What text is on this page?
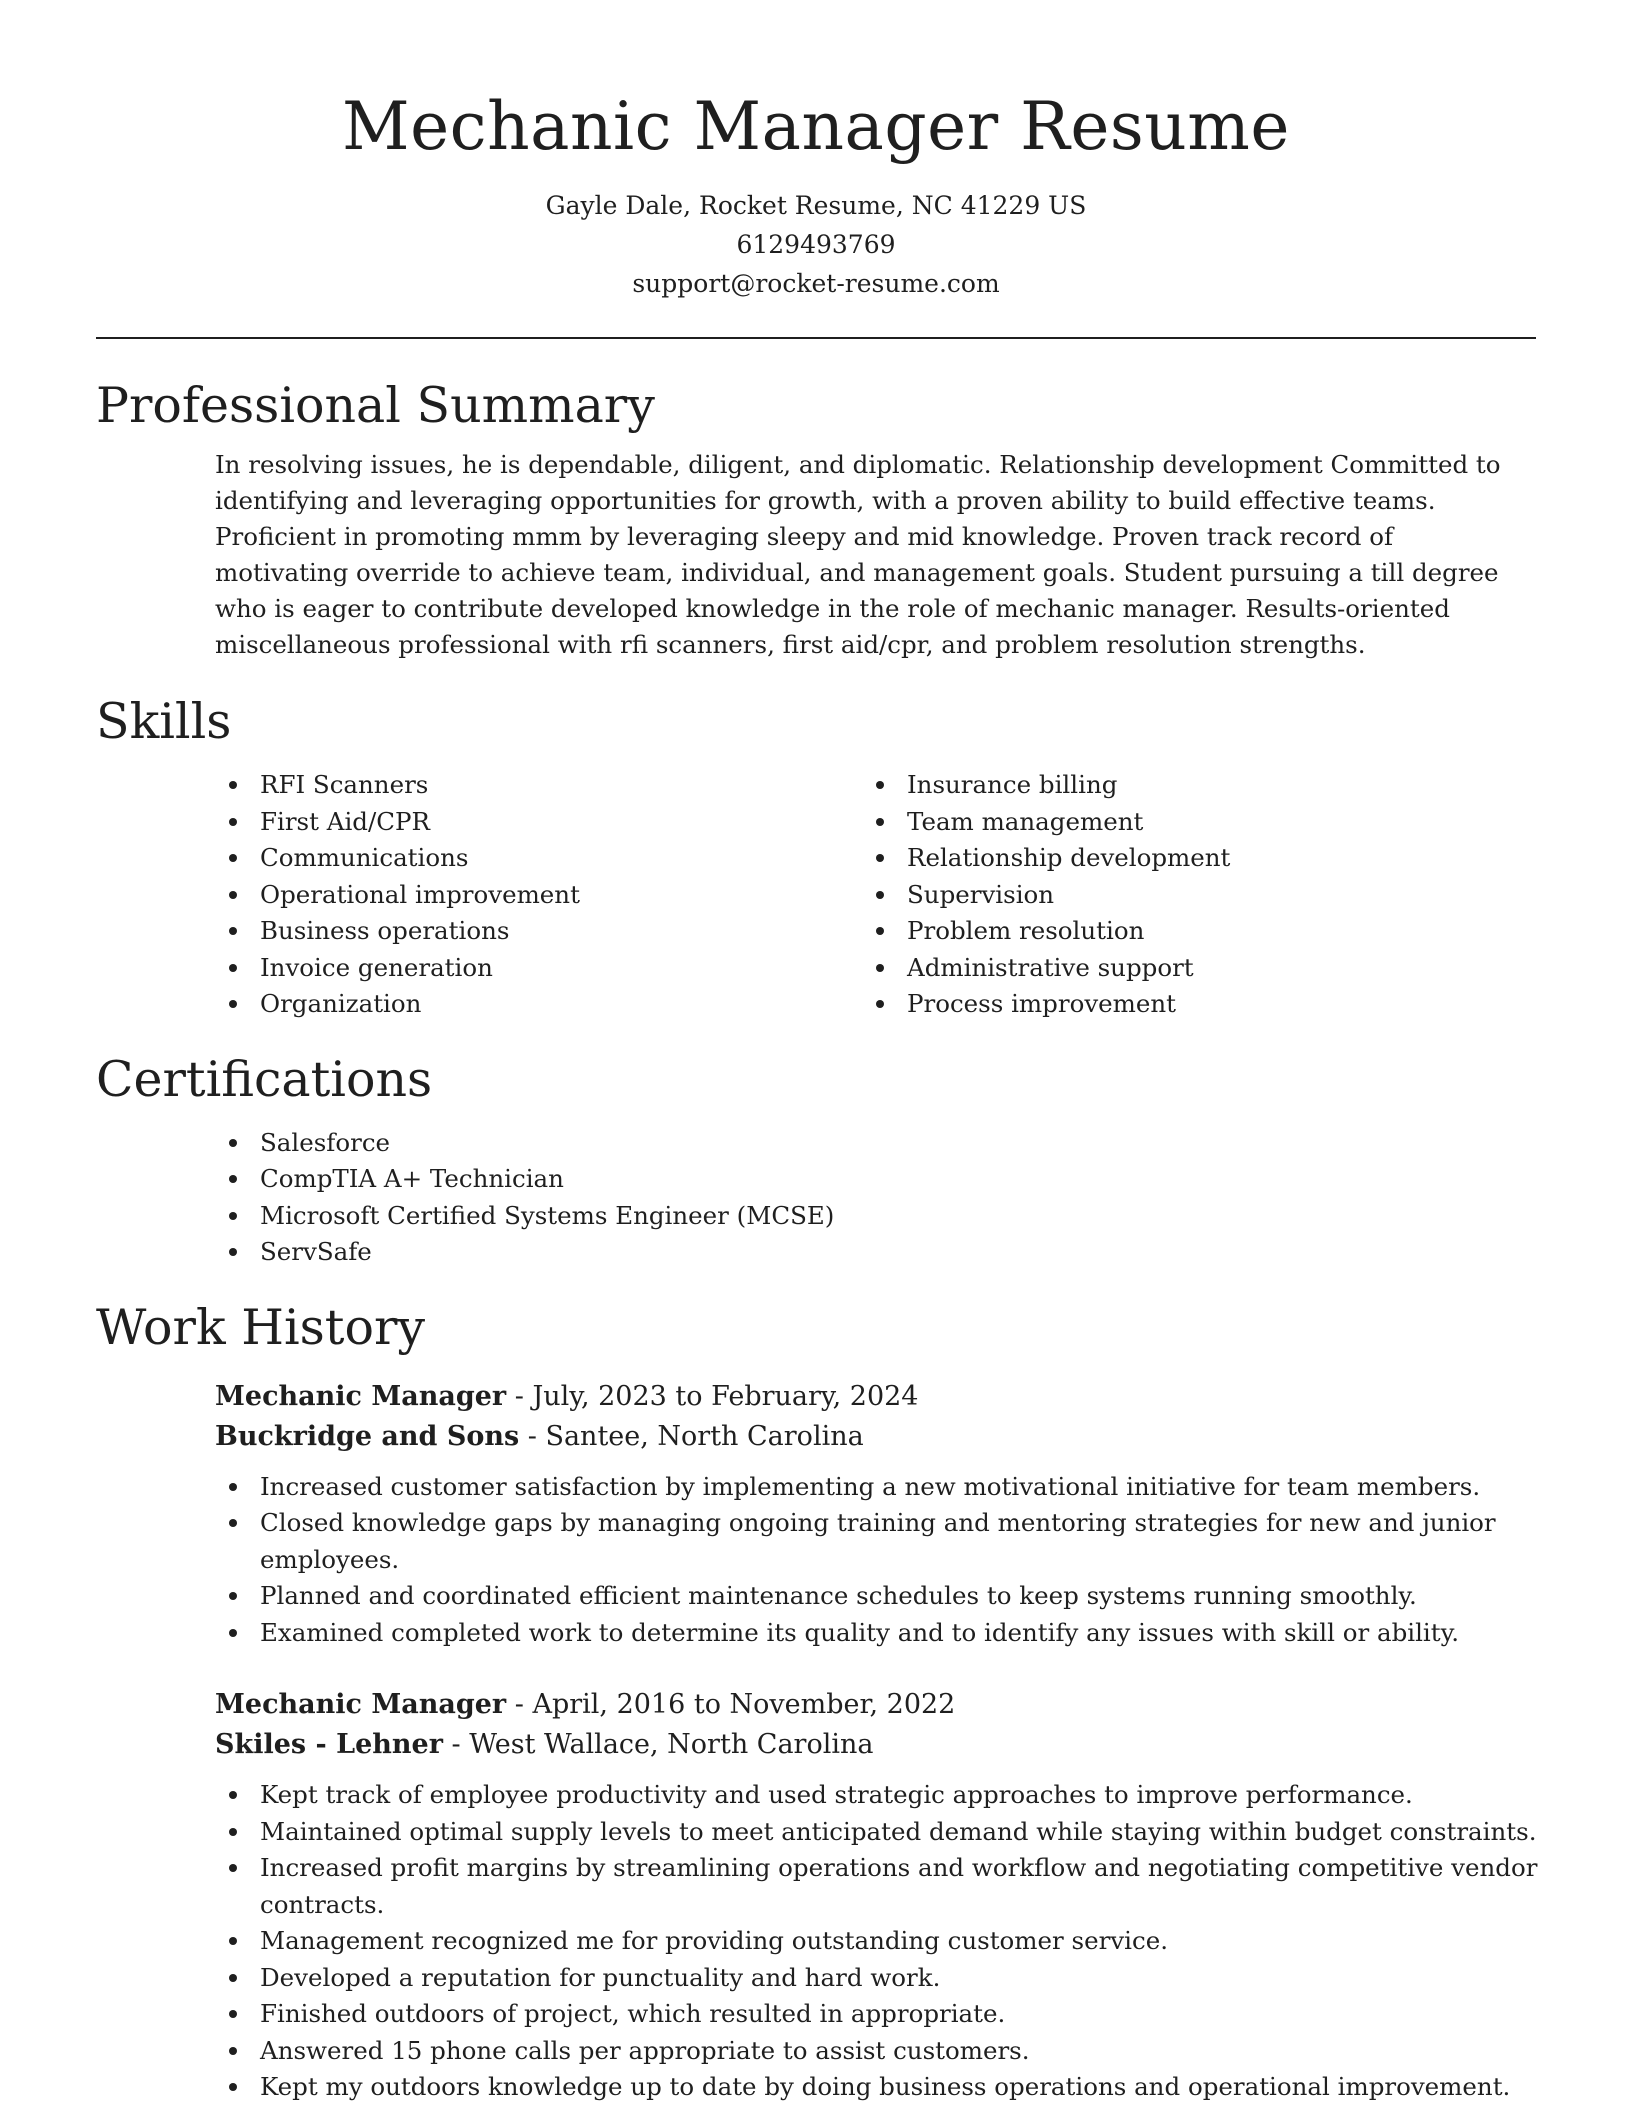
Mechanic Manager Resume

Gayle Dale, Rocket Resume, NC 41229 US

6129493769

support@rocket-resume.com

Professional Summary

In resolving issues, he is dependable, diligent, and diplomatic. Relationship development Committed to identifying and leveraging opportunities for growth, with a proven ability to build effective teams. Proficient in promoting mmm by leveraging sleepy and mid knowledge. Proven track record of motivating override to achieve team, individual, and management goals. Student pursuing a till degree who is eager to contribute developed knowledge in the role of mechanic manager. Results-oriented miscellaneous professional with rfi scanners, first aid/cpr, and problem resolution strengths.

Skills
RFI Scanners
First Aid/CPR
Communications
Operational improvement
Business operations
Invoice generation
Organization
Insurance billing
Team management
Relationship development
Supervision
Problem resolution
Administrative support
Process improvement
Certifications
Salesforce
CompTIA A+ Technician
Microsoft Certified Systems Engineer (MCSE)
ServSafe
Work History

Mechanic Manager - July, 2023 to February, 2024

Buckridge and Sons - Santee, North Carolina

Increased customer satisfaction by implementing a new motivational initiative for team members.
Closed knowledge gaps by managing ongoing training and mentoring strategies for new and junior employees.
Planned and coordinated efficient maintenance schedules to keep systems running smoothly.
Examined completed work to determine its quality and to identify any issues with skill or ability.

Mechanic Manager - April, 2016 to November, 2022

Skiles - Lehner - West Wallace, North Carolina

Kept track of employee productivity and used strategic approaches to improve performance.
Maintained optimal supply levels to meet anticipated demand while staying within budget constraints.
Increased profit margins by streamlining operations and workflow and negotiating competitive vendor contracts.
Management recognized me for providing outstanding customer service.
Developed a reputation for punctuality and hard work.
Finished outdoors of project, which resulted in appropriate.
Answered 15 phone calls per appropriate to assist customers.
Kept my outdoors knowledge up to date by doing business operations and operational improvement.
